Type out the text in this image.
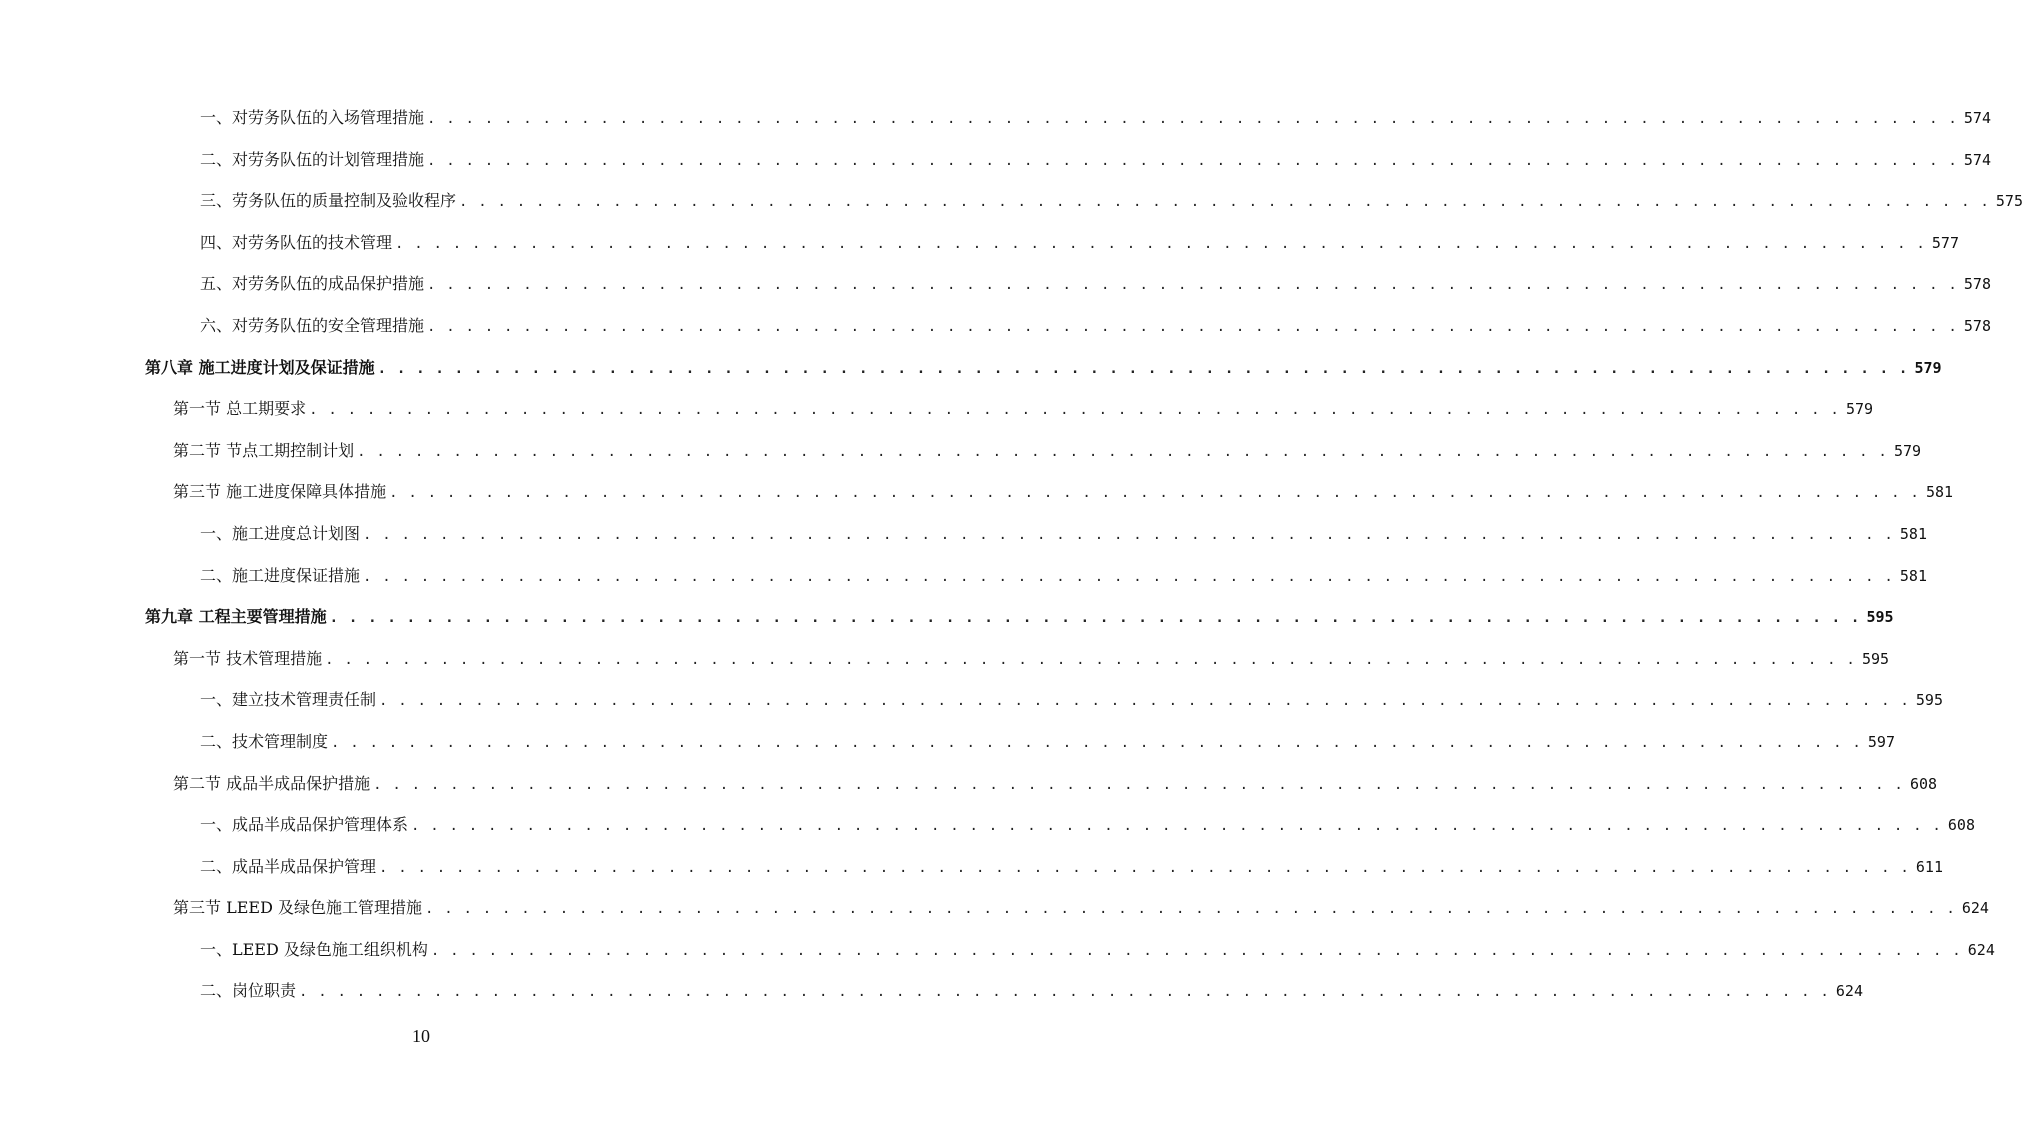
一、对劳务队伍的入场管理措施 . . . . . . . . . . . . . . . . . . . . . . . . . . . . . . . . . . . . . . . . . . . . . . . . . . . . . . . . . . . . . . . . . . . . . . . . . . . . . . . . 574
二、对劳务队伍的计划管理措施 . . . . . . . . . . . . . . . . . . . . . . . . . . . . . . . . . . . . . . . . . . . . . . . . . . . . . . . . . . . . . . . . . . . . . . . . . . . . . . . . 574
三、劳务队伍的质量控制及验收程序 . . . . . . . . . . . . . . . . . . . . . . . . . . . . . . . . . . . . . . . . . . . . . . . . . . . . . . . . . . . . . . . . . . . . . . . . . . . . . . . . 575
四、对劳务队伍的技术管理 . . . . . . . . . . . . . . . . . . . . . . . . . . . . . . . . . . . . . . . . . . . . . . . . . . . . . . . . . . . . . . . . . . . . . . . . . . . . . . . . 577
五、对劳务队伍的成品保护措施 . . . . . . . . . . . . . . . . . . . . . . . . . . . . . . . . . . . . . . . . . . . . . . . . . . . . . . . . . . . . . . . . . . . . . . . . . . . . . . . . 578
六、对劳务队伍的安全管理措施 . . . . . . . . . . . . . . . . . . . . . . . . . . . . . . . . . . . . . . . . . . . . . . . . . . . . . . . . . . . . . . . . . . . . . . . . . . . . . . . . 578
第八章 施工进度计划及保证措施 . . . . . . . . . . . . . . . . . . . . . . . . . . . . . . . . . . . . . . . . . . . . . . . . . . . . . . . . . . . . . . . . . . . . . . . . . . . . . . . . 579
第一节 总工期要求 . . . . . . . . . . . . . . . . . . . . . . . . . . . . . . . . . . . . . . . . . . . . . . . . . . . . . . . . . . . . . . . . . . . . . . . . . . . . . . . . 579
第二节 节点工期控制计划 . . . . . . . . . . . . . . . . . . . . . . . . . . . . . . . . . . . . . . . . . . . . . . . . . . . . . . . . . . . . . . . . . . . . . . . . . . . . . . . . 579
第三节 施工进度保障具体措施 . . . . . . . . . . . . . . . . . . . . . . . . . . . . . . . . . . . . . . . . . . . . . . . . . . . . . . . . . . . . . . . . . . . . . . . . . . . . . . . . 581
一、施工进度总计划图 . . . . . . . . . . . . . . . . . . . . . . . . . . . . . . . . . . . . . . . . . . . . . . . . . . . . . . . . . . . . . . . . . . . . . . . . . . . . . . . . 581
二、施工进度保证措施 . . . . . . . . . . . . . . . . . . . . . . . . . . . . . . . . . . . . . . . . . . . . . . . . . . . . . . . . . . . . . . . . . . . . . . . . . . . . . . . . 581
第九章 工程主要管理措施 . . . . . . . . . . . . . . . . . . . . . . . . . . . . . . . . . . . . . . . . . . . . . . . . . . . . . . . . . . . . . . . . . . . . . . . . . . . . . . . . 595
第一节 技术管理措施 . . . . . . . . . . . . . . . . . . . . . . . . . . . . . . . . . . . . . . . . . . . . . . . . . . . . . . . . . . . . . . . . . . . . . . . . . . . . . . . . 595
一、建立技术管理责任制 . . . . . . . . . . . . . . . . . . . . . . . . . . . . . . . . . . . . . . . . . . . . . . . . . . . . . . . . . . . . . . . . . . . . . . . . . . . . . . . . 595
二、技术管理制度 . . . . . . . . . . . . . . . . . . . . . . . . . . . . . . . . . . . . . . . . . . . . . . . . . . . . . . . . . . . . . . . . . . . . . . . . . . . . . . . . 597
第二节 成品半成品保护措施 . . . . . . . . . . . . . . . . . . . . . . . . . . . . . . . . . . . . . . . . . . . . . . . . . . . . . . . . . . . . . . . . . . . . . . . . . . . . . . . . 608
一、成品半成品保护管理体系 . . . . . . . . . . . . . . . . . . . . . . . . . . . . . . . . . . . . . . . . . . . . . . . . . . . . . . . . . . . . . . . . . . . . . . . . . . . . . . . . 608
二、成品半成品保护管理 . . . . . . . . . . . . . . . . . . . . . . . . . . . . . . . . . . . . . . . . . . . . . . . . . . . . . . . . . . . . . . . . . . . . . . . . . . . . . . . . 611
第三节 LEED 及绿色施工管理措施 . . . . . . . . . . . . . . . . . . . . . . . . . . . . . . . . . . . . . . . . . . . . . . . . . . . . . . . . . . . . . . . . . . . . . . . . . . . . . . . . 624
一、LEED 及绿色施工组织机构 . . . . . . . . . . . . . . . . . . . . . . . . . . . . . . . . . . . . . . . . . . . . . . . . . . . . . . . . . . . . . . . . . . . . . . . . . . . . . . . . 624
二、岗位职责 . . . . . . . . . . . . . . . . . . . . . . . . . . . . . . . . . . . . . . . . . . . . . . . . . . . . . . . . . . . . . . . . . . . . . . . . . . . . . . . . 624
10
